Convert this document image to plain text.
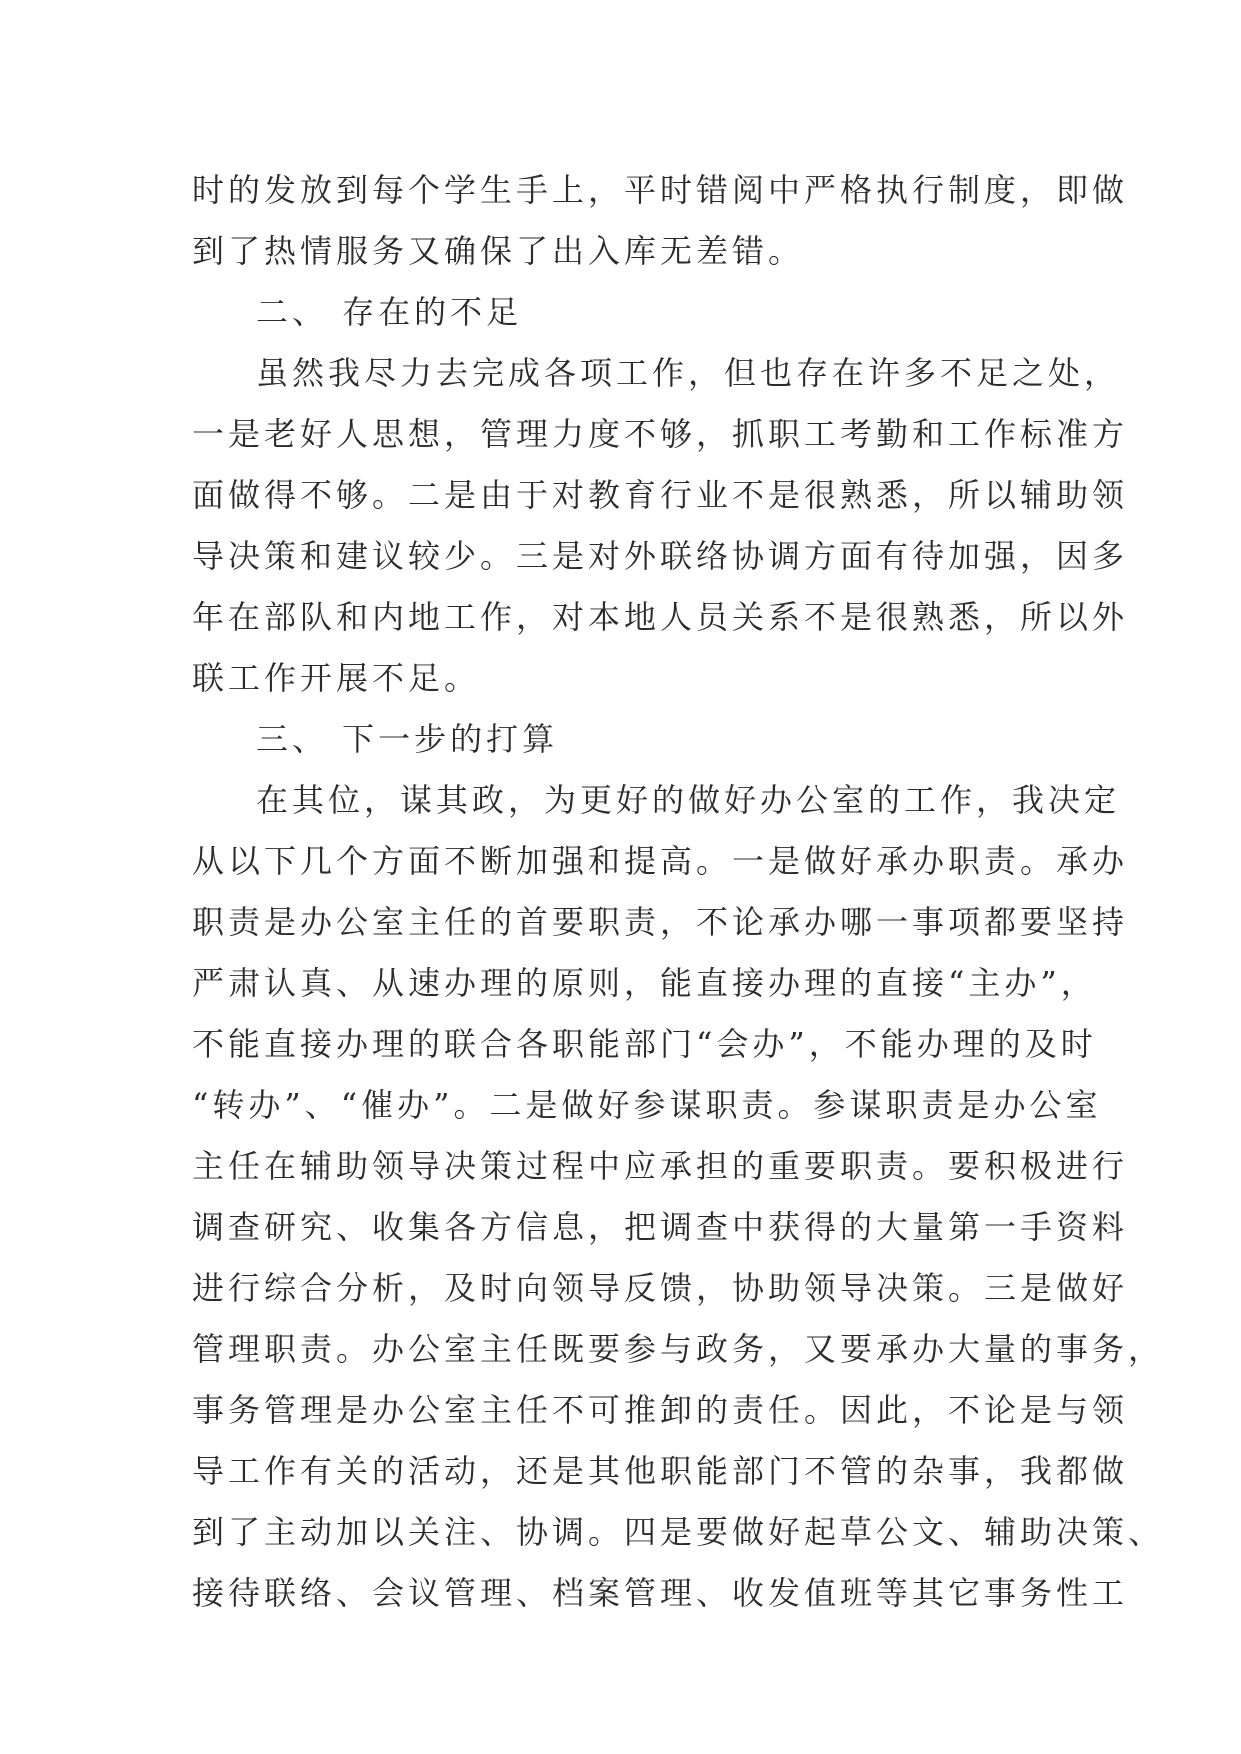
时的发放到每个学生手上，平时错阅中严格执行制度，即做
到了热情服务又确保了出入库无差错。
二、 存在的不足
虽然我尽力去完成各项工作，但也存在许多不足之处，
一是老好人思想，管理力度不够，抓职工考勤和工作标准方
面做得不够。二是由于对教育行业不是很熟悉，所以辅助领
导决策和建议较少。三是对外联络协调方面有待加强，因多
年在部队和内地工作，对本地人员关系不是很熟悉，所以外
联工作开展不足。
三、 下一步的打算
在其位，谋其政，为更好的做好办公室的工作，我决定
从以下几个方面不断加强和提高。一是做好承办职责。承办
职责是办公室主任的首要职责，不论承办哪一事项都要坚持
严肃认真、从速办理的原则，能直接办理的直接“主办”，
不能直接办理的联合各职能部门“会办”，不能办理的及时
“转办”、“催办”。二是做好参谋职责。参谋职责是办公室
主任在辅助领导决策过程中应承担的重要职责。要积极进行
调查研究、收集各方信息，把调查中获得的大量第一手资料
进行综合分析，及时向领导反馈，协助领导决策。三是做好
管理职责。办公室主任既要参与政务，又要承办大量的事务，
事务管理是办公室主任不可推卸的责任。因此，不论是与领
导工作有关的活动，还是其他职能部门不管的杂事，我都做
到了主动加以关注、协调。四是要做好起草公文、辅助决策、
接待联络、会议管理、档案管理、收发值班等其它事务性工
